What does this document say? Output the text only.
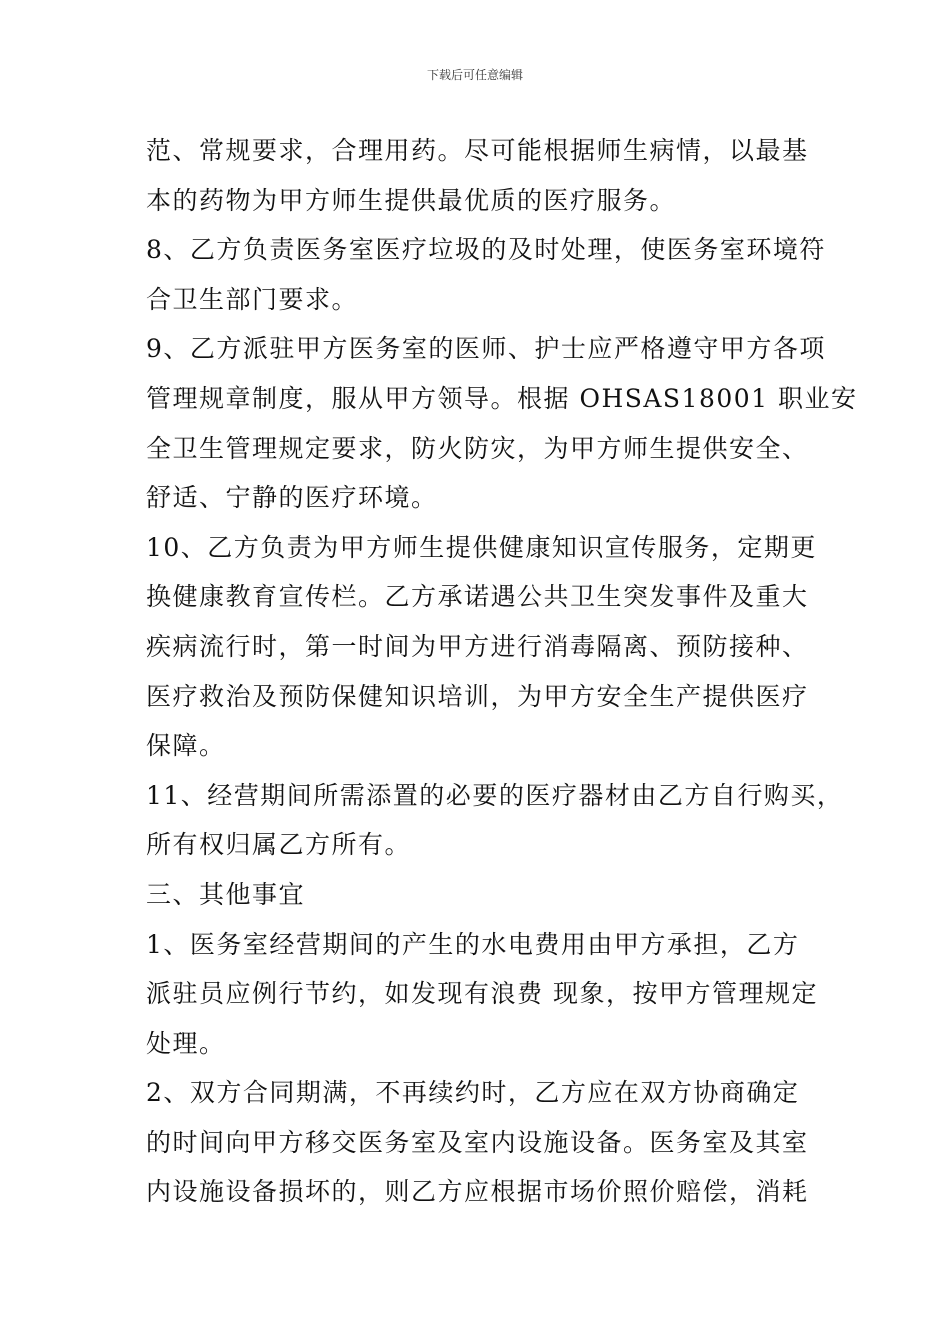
下载后可任意编辑
范、常规要求，合理用药。尽可能根据师生病情，以最基
本的药物为甲方师生提供最优质的医疗服务。
8、乙方负责医务室医疗垃圾的及时处理，使医务室环境符
合卫生部门要求。
9、乙方派驻甲方医务室的医师、护士应严格遵守甲方各项
管理规章制度，服从甲方领导。根据 OHSAS18001 职业安
全卫生管理规定要求，防火防灾，为甲方师生提供安全、
舒适、宁静的医疗环境。
10、乙方负责为甲方师生提供健康知识宣传服务，定期更
换健康教育宣传栏。乙方承诺遇公共卫生突发事件及重大
疾病流行时，第一时间为甲方进行消毒隔离、预防接种、
医疗救治及预防保健知识培训，为甲方安全生产提供医疗
保障。
11、经营期间所需添置的必要的医疗器材由乙方自行购买，
所有权归属乙方所有。
三、其他事宜
1、医务室经营期间的产生的水电费用由甲方承担，乙方
派驻员应例行节约，如发现有浪费 现象，按甲方管理规定
处理。
2、双方合同期满，不再续约时，乙方应在双方协商确定
的时间向甲方移交医务室及室内设施设备。医务室及其室
内设施设备损坏的，则乙方应根据市场价照价赔偿，消耗
